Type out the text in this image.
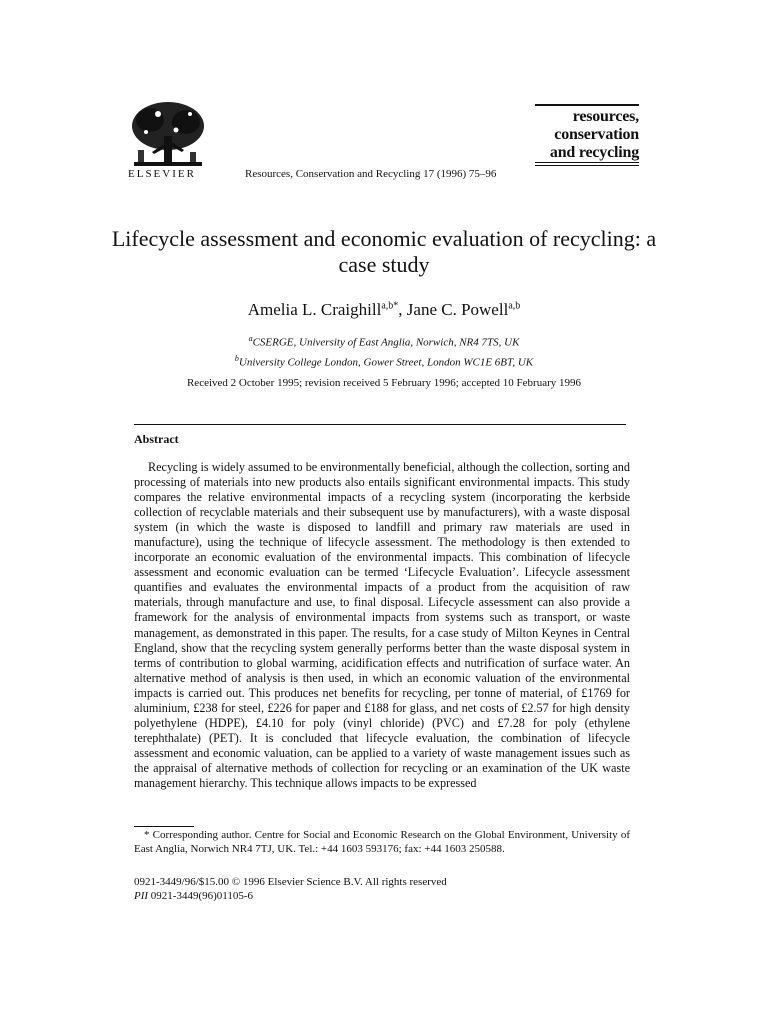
ELSEVIER	Resources, Conservation and Recycling 17 (1996) 75–96
resources,
conservation
and recycling
Lifecycle assessment and economic evaluation of recycling: a case study
Amelia L. Craighill$^{a,b*}$, Jane C. Powell$^{a,b}$
$^a$CSERGE, University of East Anglia, Norwich, NR4 7TS, UK
$^b$University College London, Gower Street, London WC1E 6BT, UK
Received 2 October 1995; revision received 5 February 1996; accepted 10 February 1996
Abstract

Recycling is widely assumed to be environmentally beneficial, although the collection, sorting and processing of materials into new products also entails significant environmental impacts. This study compares the relative environmental impacts of a recycling system (incorporating the kerbside collection of recyclable materials and their subsequent use by manufacturers), with a waste disposal system (in which the waste is disposed to landfill and primary raw materials are used in manufacture), using the technique of lifecycle assessment. The methodology is then extended to incorporate an economic evaluation of the environmental impacts. This combination of lifecycle assessment and economic evaluation can be termed ‘Lifecycle Evaluation’. Lifecycle assessment quantifies and evaluates the environmental impacts of a product from the acquisition of raw materials, through manufacture and use, to final disposal. Lifecycle assessment can also provide a framework for the analysis of environmental impacts from systems such as transport, or waste management, as demonstrated in this paper. The results, for a case study of Milton Keynes in Central England, show that the recycling system generally performs better than the waste disposal system in terms of contribution to global warming, acidification effects and nutrification of surface water. An alternative method of analysis is then used, in which an economic valuation of the environmental impacts is carried out. This produces net benefits for recycling, per tonne of material, of £1769 for aluminium, £238 for steel, £226 for paper and £188 for glass, and net costs of £2.57 for high density polyethylene (HDPE), £4.10 for poly (vinyl chloride) (PVC) and £7.28 for poly (ethylene terephthalate) (PET). It is concluded that lifecycle evaluation, the combination of lifecycle assessment and economic valuation, can be applied to a variety of waste management issues such as the appraisal of alternative methods of collection for recycling or an examination of the UK waste management hierarchy. This technique allows impacts to be expressed

* Corresponding author. Centre for Social and Economic Research on the Global Environment, University of East Anglia, Norwich NR4 7TJ, UK. Tel.: +44 1603 593176; fax: +44 1603 250588.
0921-3449/96/$15.00 © 1996 Elsevier Science B.V. All rights reserved
PII 0921-3449(96)01105-6
